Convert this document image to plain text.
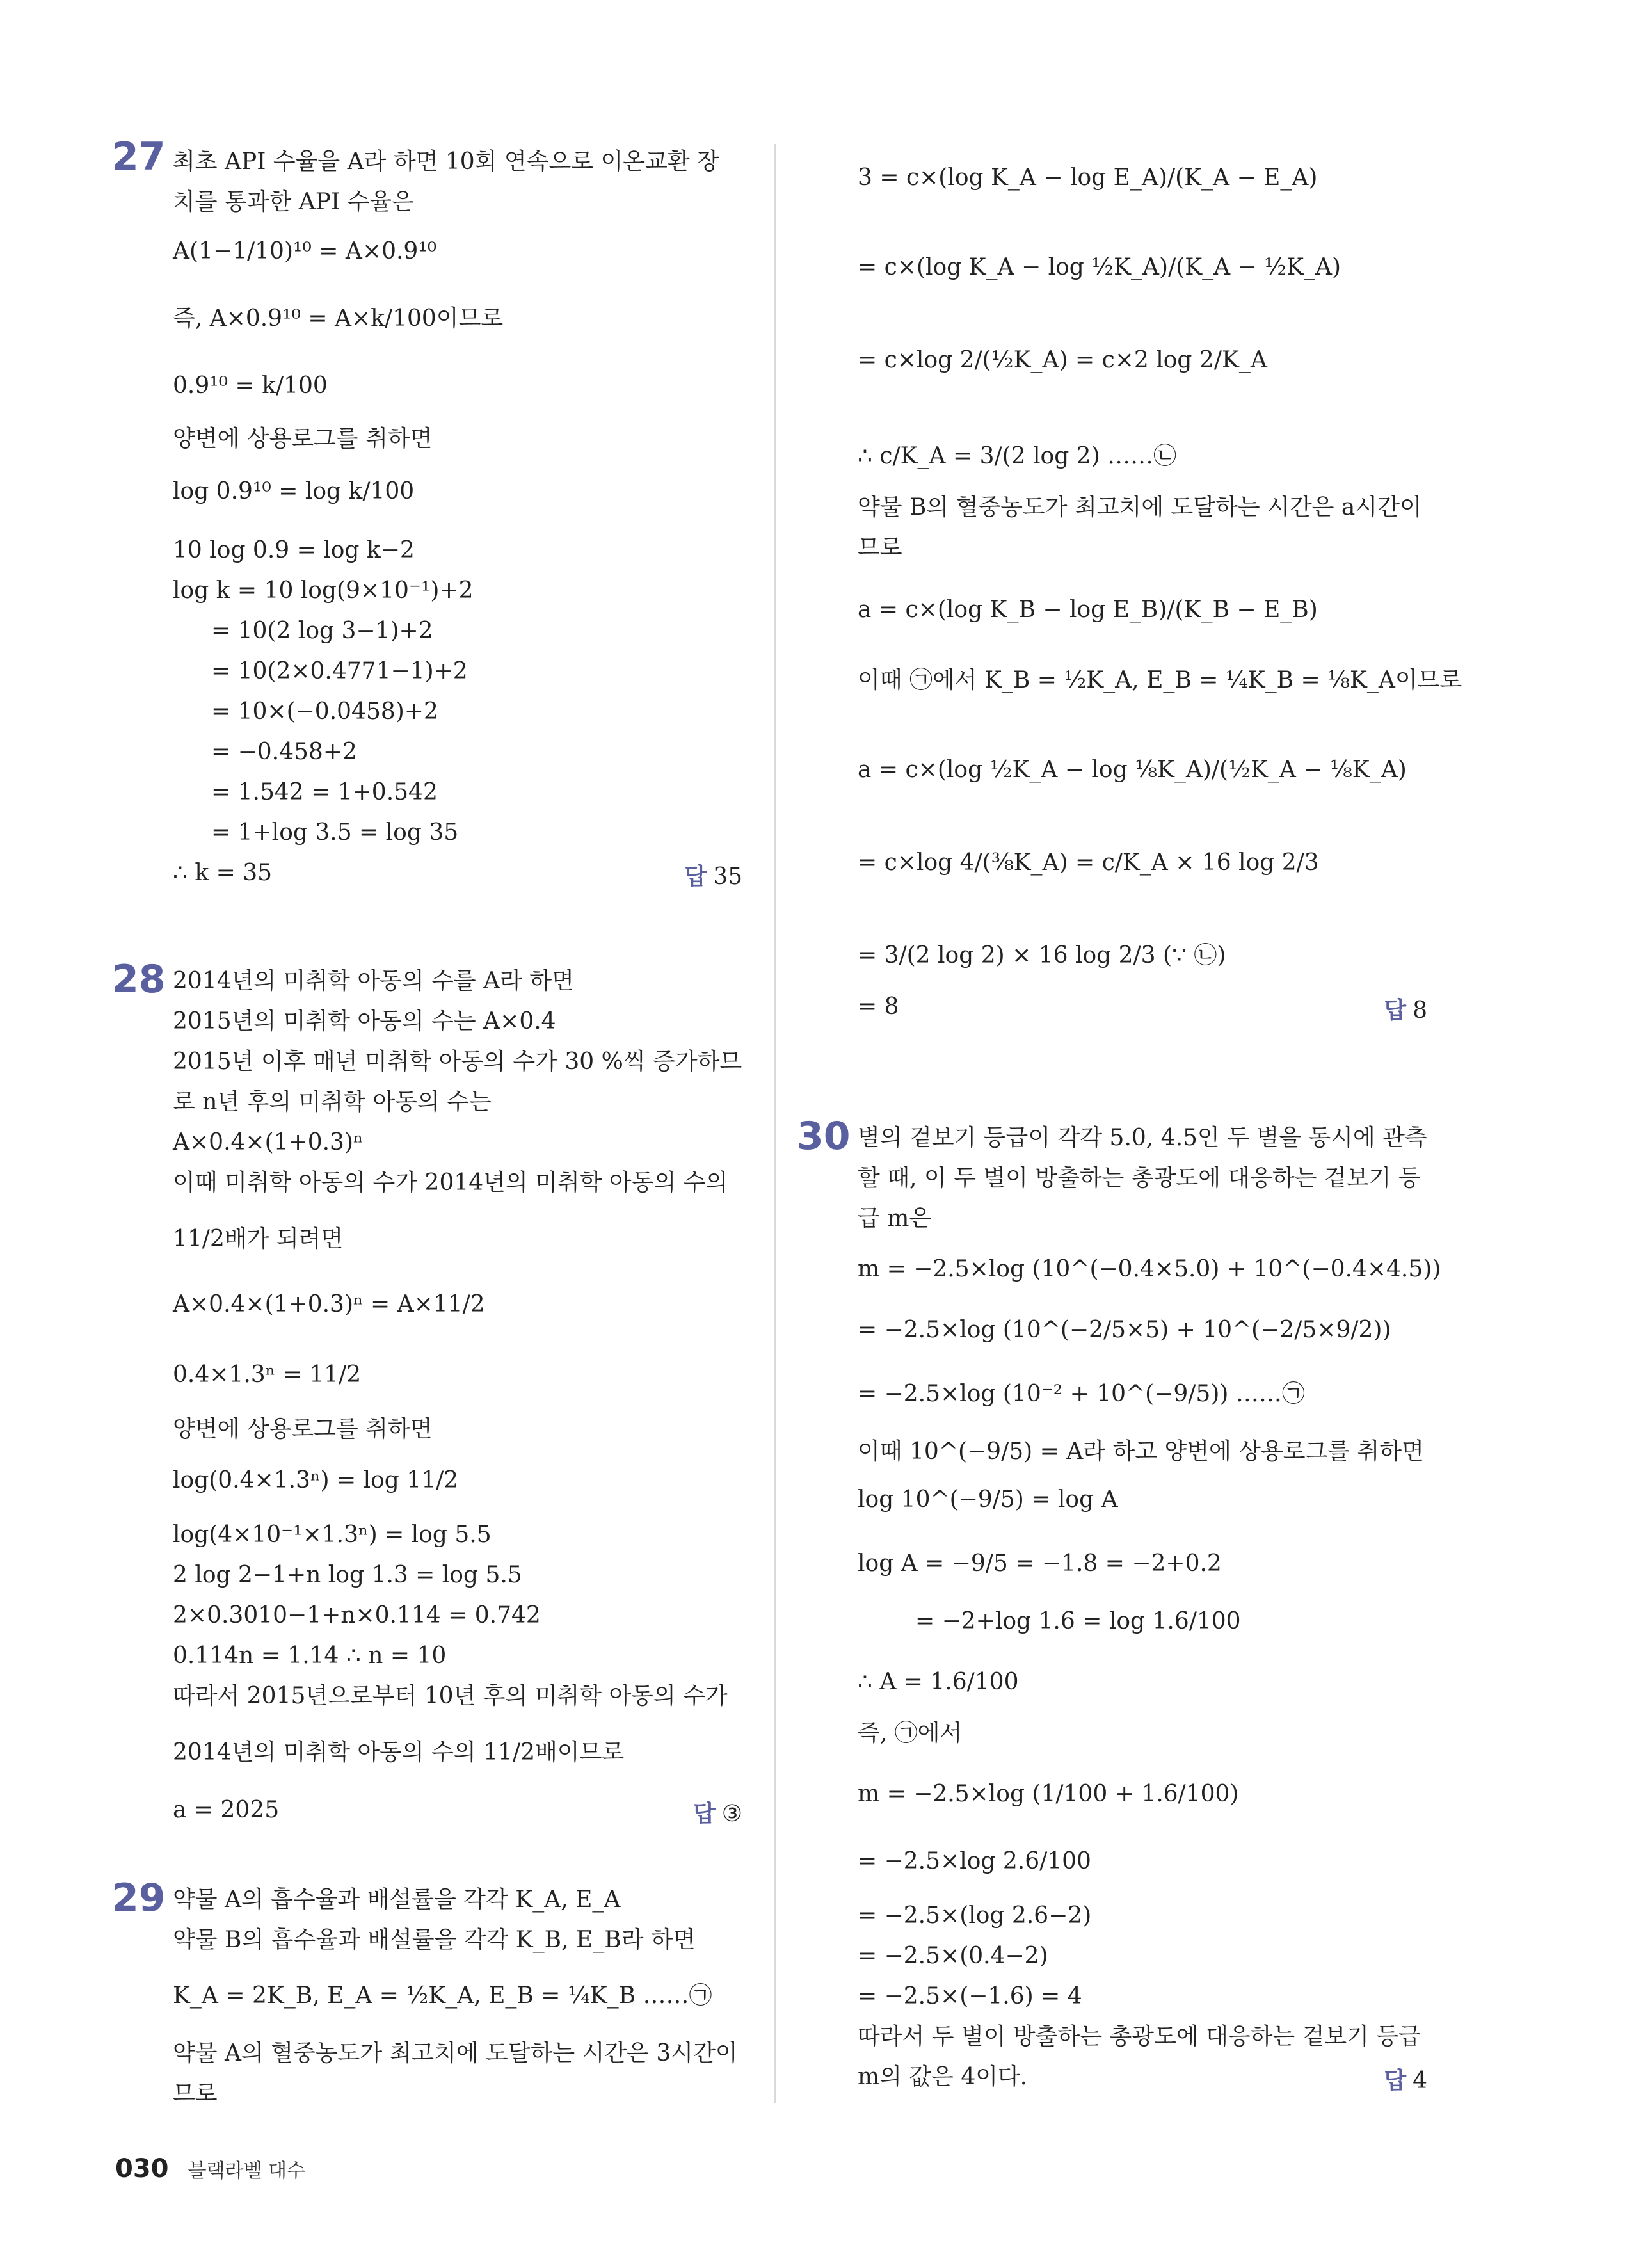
27 최초 API 수율을 A라 하면 10회 연속으로 이온교환 장
치를 통과한 API 수율은
A(1−1/10)¹⁰ = A×0.9¹⁰
즉, A×0.9¹⁰ = A×k/100이므로
0.9¹⁰ = k/100
양변에 상용로그를 취하면
log 0.9¹⁰ = log k/100
10 log 0.9 = log k−2
log k = 10 log(9×10⁻¹)+2
= 10(2 log 3−1)+2
= 10(2×0.4771−1)+2
= 10×(−0.0458)+2
= −0.458+2
= 1.542 = 1+0.542
= 1+log 3.5 = log 35
∴ k = 35	답 35
28 2014년의 미취학 아동의 수를 A라 하면
2015년의 미취학 아동의 수는 A×0.4
2015년 이후 매년 미취학 아동의 수가 30 %씩 증가하므
로 n년 후의 미취학 아동의 수는
A×0.4×(1+0.3)ⁿ
이때 미취학 아동의 수가 2014년의 미취학 아동의 수의
11/2배가 되려면
A×0.4×(1+0.3)ⁿ = A×11/2
0.4×1.3ⁿ = 11/2
양변에 상용로그를 취하면
log(0.4×1.3ⁿ) = log 11/2
log(4×10⁻¹×1.3ⁿ) = log 5.5
2 log 2−1+n log 1.3 = log 5.5
2×0.3010−1+n×0.114 = 0.742
0.114n = 1.14 ∴ n = 10
따라서 2015년으로부터 10년 후의 미취학 아동의 수가
2014년의 미취학 아동의 수의 11/2배이므로
a = 2025	답 ③
29 약물 A의 흡수율과 배설률을 각각 K_A, E_A
약물 B의 흡수율과 배설률을 각각 K_B, E_B라 하면
K_A = 2K_B, E_A = ½K_A, E_B = ¼K_B ……㉠
약물 A의 혈중농도가 최고치에 도달하는 시간은 3시간이
므로
3 = c×(log K_A − log E_A)/(K_A − E_A)
= c×(log K_A − log ½K_A)/(K_A − ½K_A)
= c×log 2/(½K_A) = c×2 log 2/K_A
∴ c/K_A = 3/(2 log 2) ……㉡
약물 B의 혈중농도가 최고치에 도달하는 시간은 a시간이
므로
a = c×(log K_B − log E_B)/(K_B − E_B)
이때 ㉠에서 K_B = ½K_A, E_B = ¼K_B = ⅛K_A이므로
a = c×(log ½K_A − log ⅛K_A)/(½K_A − ⅛K_A)
= c×log 4/(⅜K_A) = c/K_A × 16 log 2/3
= 3/(2 log 2) × 16 log 2/3 (∵ ㉡)
= 8	답 8
30 별의 겉보기 등급이 각각 5.0, 4.5인 두 별을 동시에 관측
할 때, 이 두 별이 방출하는 총광도에 대응하는 겉보기 등
급 m은
m = −2.5×log (10^(−0.4×5.0) + 10^(−0.4×4.5))
= −2.5×log (10^(−2/5×5) + 10^(−2/5×9/2))
= −2.5×log (10⁻² + 10^(−9/5)) ……㉠
이때 10^(−9/5) = A라 하고 양변에 상용로그를 취하면
log 10^(−9/5) = log A
log A = −9/5 = −1.8 = −2+0.2
= −2+log 1.6 = log 1.6/100
∴ A = 1.6/100
즉, ㉠에서
m = −2.5×log (1/100 + 1.6/100)
= −2.5×log 2.6/100
= −2.5×(log 2.6−2)
= −2.5×(0.4−2)
= −2.5×(−1.6) = 4
따라서 두 별이 방출하는 총광도에 대응하는 겉보기 등급
m의 값은 4이다.	답 4
030 블랙라벨 대수
